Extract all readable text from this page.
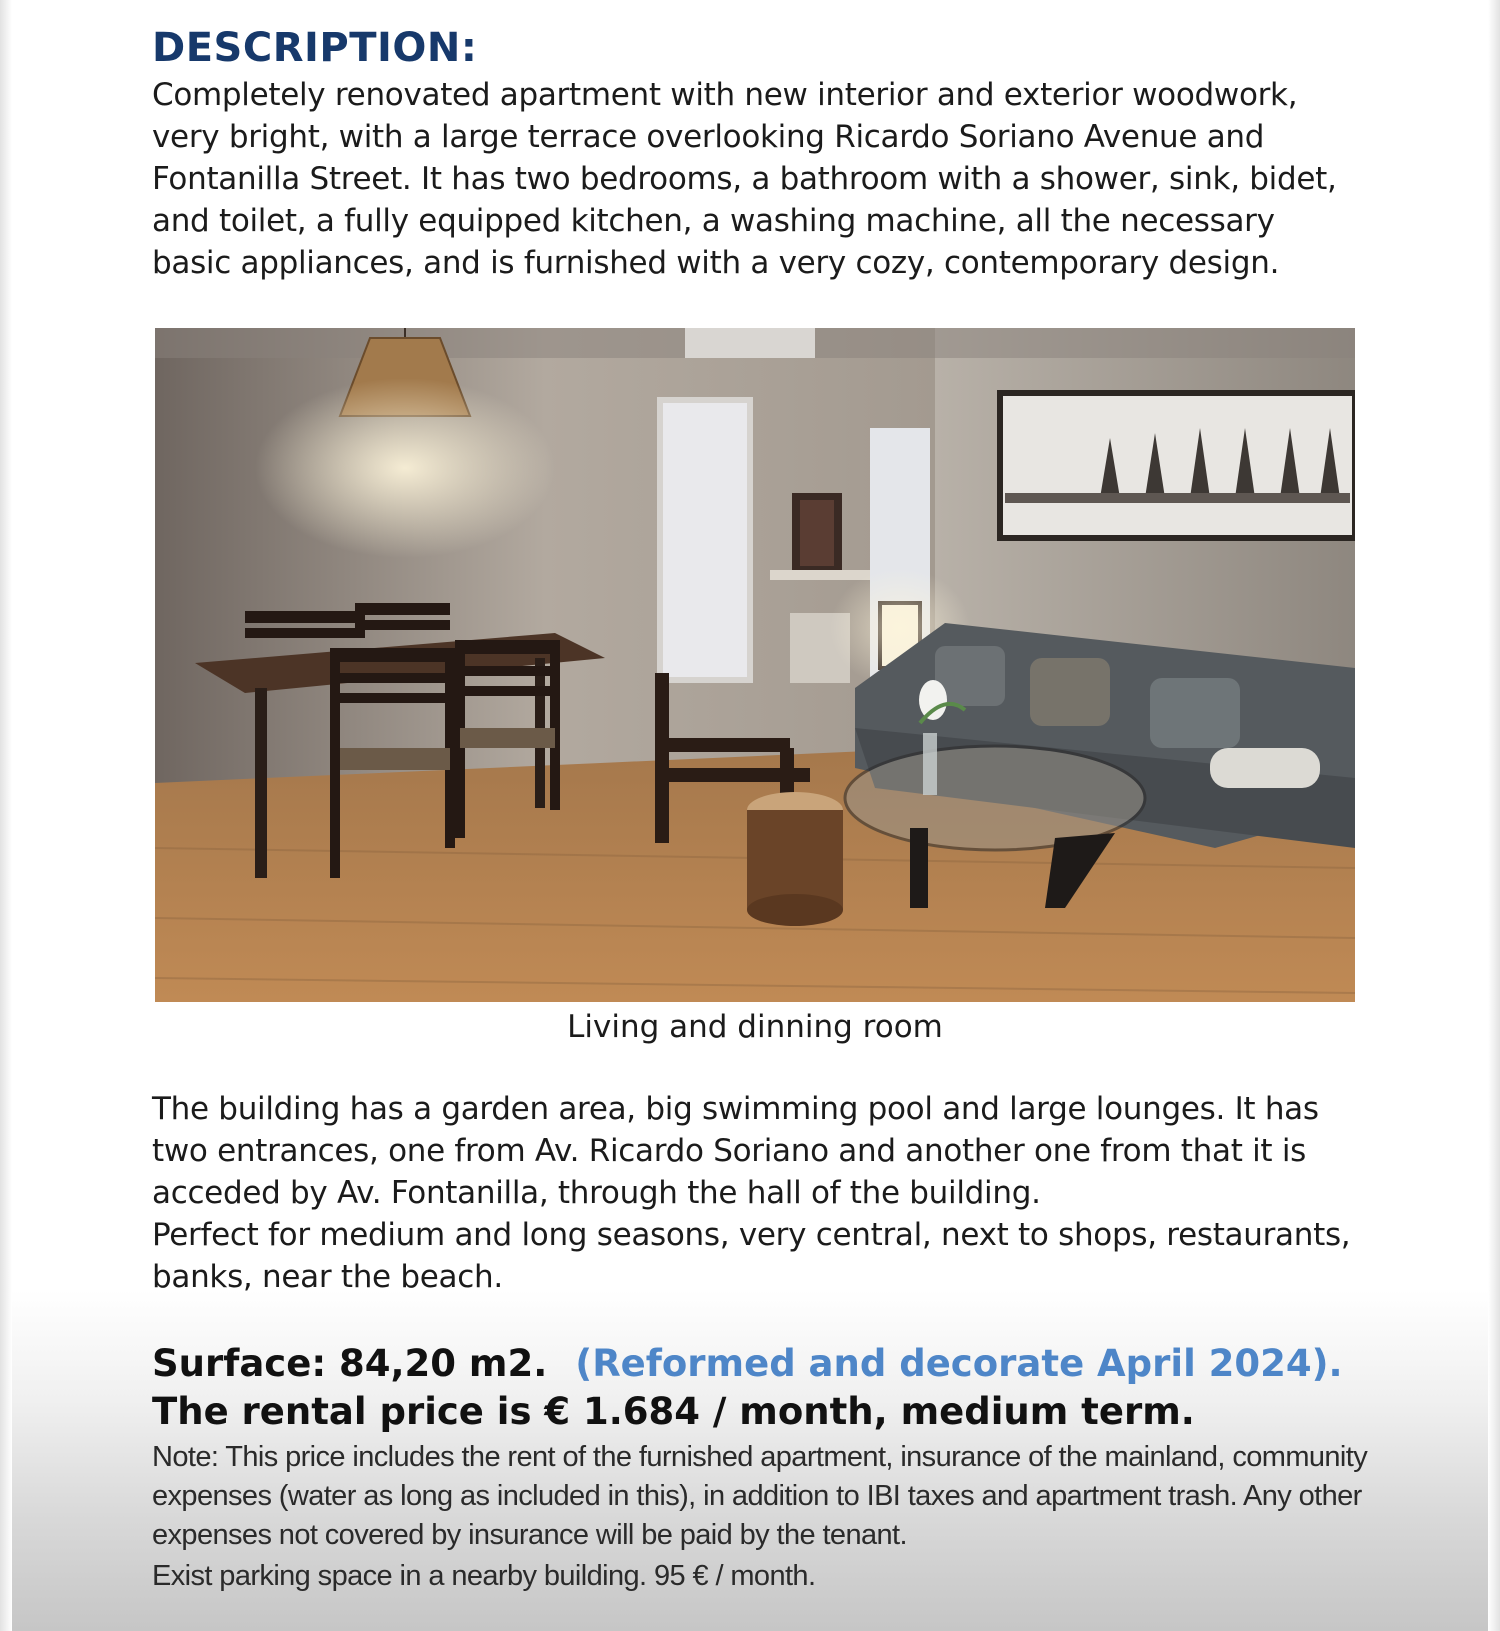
DESCRIPTION:

Completely renovated apartment with new interior and exterior woodwork, very bright, with a large terrace overlooking Ricardo Soriano Avenue and Fontanilla Street. It has two bedrooms, a bathroom with a shower, sink, bidet, and toilet, a fully equipped kitchen, a washing machine, all the necessary basic appliances, and is furnished with a very cozy, contemporary design.

Living and dinning room

The building has a garden area, big swimming pool and large lounges. It has two entrances, one from Av. Ricardo Soriano and another one from that it is acceded by Av. Fontanilla, through the hall of the building.

Perfect for medium and long seasons, very central, next to shops, restaurants, banks, near the beach.

Surface: 84,20 m2. (Reformed and decorate April 2024).

The rental price is € 1.684 / month, medium term.

Note: This price includes the rent of the furnished apartment, insurance of the mainland, community expenses (water as long as included in this), in addition to IBI taxes and apartment trash. Any other expenses not covered by insurance will be paid by the tenant.

Exist parking space in a nearby building. 95 € / month.
